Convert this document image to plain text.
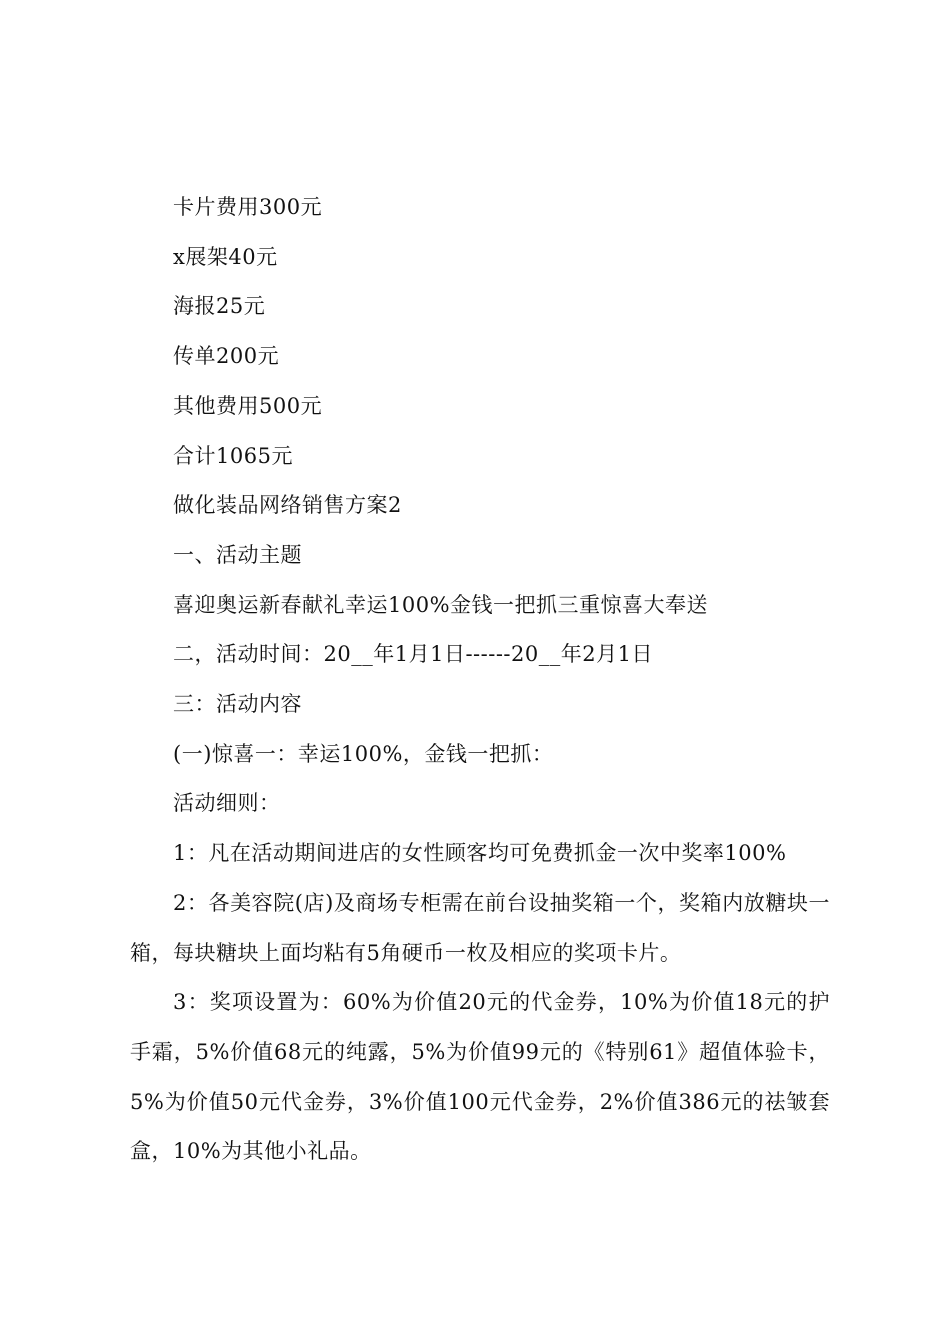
卡片费用300元

x展架40元

海报25元

传单200元

其他费用500元

合计1065元

做化装品网络销售方案2

一、活动主题

喜迎奥运新春献礼幸运100%金钱一把抓三重惊喜大奉送

二，活动时间：20__年1月1日------20__年2月1日

三：活动内容

(一)惊喜一：幸运100%，金钱一把抓：

活动细则：

1：凡在活动期间进店的女性顾客均可免费抓金一次中奖率100%

2：各美容院(店)及商场专柜需在前台设抽奖箱一个，奖箱内放糖块一箱，每块糖块上面均粘有5角硬币一枚及相应的奖项卡片。

3：奖项设置为：60%为价值20元的代金券，10%为价值18元的护手霜，5%价值68元的纯露，5%为价值99元的《特别61》超值体验卡，5%为价值50元代金券，3%价值100元代金券，2%价值386元的祛皱套盒，10%为其他小礼品。
